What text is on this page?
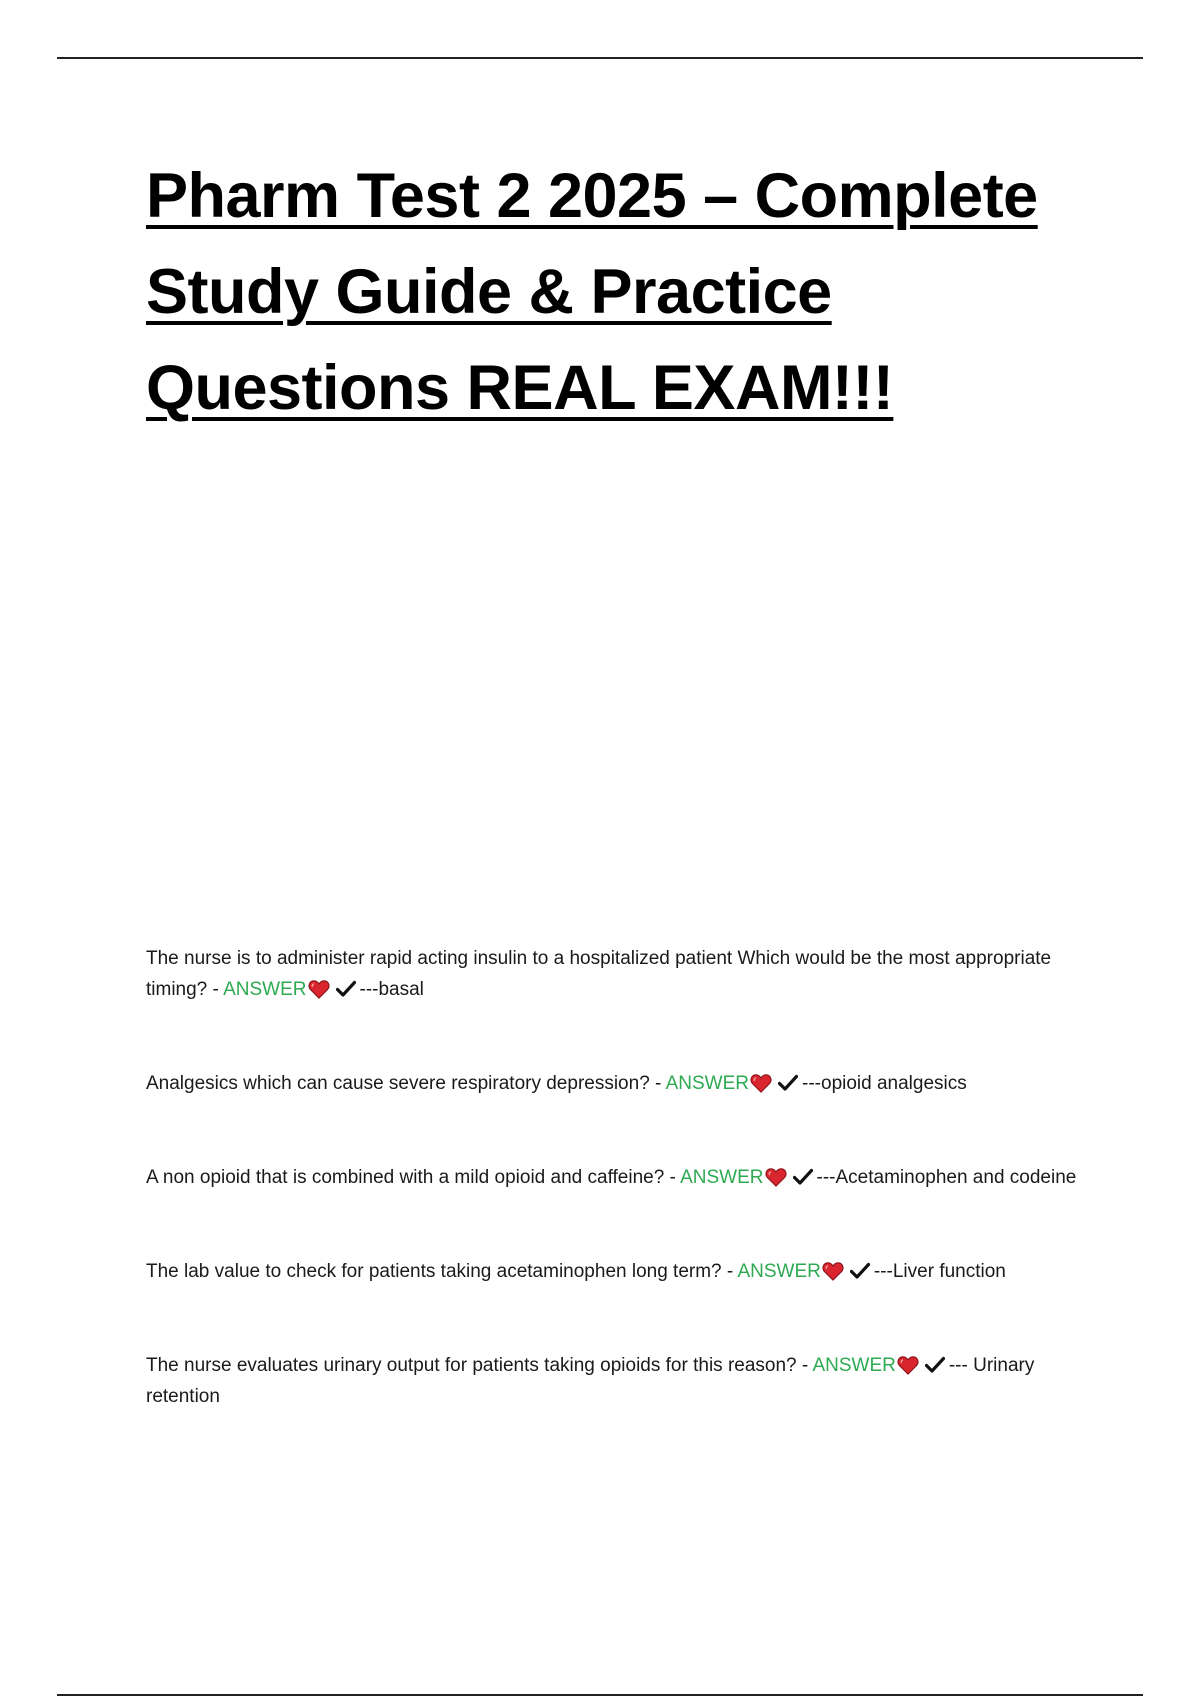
Pharm Test 2 2025 – Complete
Study Guide & Practice
Questions REAL EXAM!!!

The nurse is to administer rapid acting insulin to a hospitalized patient Which would be the most appropriate timing? - ANSWER	---basal

Analgesics which can cause severe respiratory depression? - ANSWER	---opioid analgesics

A non opioid that is combined with a mild opioid and caffeine? - ANSWER	---Acetaminophen and codeine

The lab value to check for patients taking acetaminophen long term? - ANSWER	---Liver function

The nurse evaluates urinary output for patients taking opioids for this reason? - ANSWER	--- Urinary retention
